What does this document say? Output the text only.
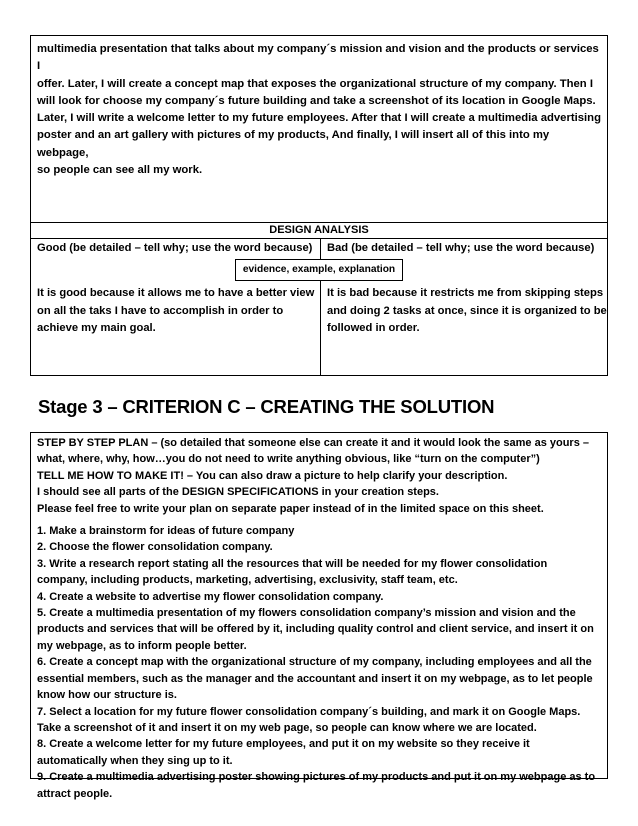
multimedia presentation that talks about my company´s mission and vision and the products or services I
offer. Later, I will create a concept map that exposes the organizational structure of my company. Then I
will look for choose my company´s future building and take a screenshot of its location in Google Maps.
Later, I will write a welcome letter to my future employees. After that I will create a multimedia advertising
poster and an art gallery with pictures of my products, And finally, I will insert all of this into my webpage,
so people can see all my work.
DESIGN ANALYSIS
Good (be detailed – tell why; use the word because) Bad (be detailed – tell why; use the word because)
evidence, example, explanation
It is good because it allows me to have a better view
on all the taks I have to accomplish in order to
achieve my main goal.
It is bad because it restricts me from skipping steps
and doing 2 tasks at once, since it is organized to be
followed in order.
Stage 3 – CRITERION C – CREATING THE SOLUTION

STEP BY STEP PLAN – (so detailed that someone else can create it and it would look the same as yours –

what, where, why, how…you do not need to write anything obvious, like “turn on the computer”)

TELL ME HOW TO MAKE IT! – You can also draw a picture to help clarify your description.

I should see all parts of the DESIGN SPECIFICATIONS in your creation steps.

Please feel free to write your plan on separate paper instead of in the limited space on this sheet.

1. Make a brainstorm for ideas of future company

2. Choose the flower consolidation company.

3. Write a research report stating all the resources that will be needed for my flower consolidation

company, including products, marketing, advertising, exclusivity, staff team, etc.

4. Create a website to advertise my flower consolidation company.

5. Create a multimedia presentation of my flowers consolidation company’s mission and vision and the

products and services that will be offered by it, including quality control and client service, and insert it on

my webpage, as to inform people better.

6. Create a concept map with the organizational structure of my company, including employees and all the

essential members, such as the manager and the accountant and insert it on my webpage, as to let people

know how our structure is.

7. Select a location for my future flower consolidation company´s building, and mark it on Google Maps.

Take a screenshot of it and insert it on my web page, so people can know where we are located.

8. Create a welcome letter for my future employees, and put it on my website so they receive it

automatically when they sing up to it.

9. Create a multimedia advertising poster showing pictures of my products and put it on my webpage as to

attract people.
